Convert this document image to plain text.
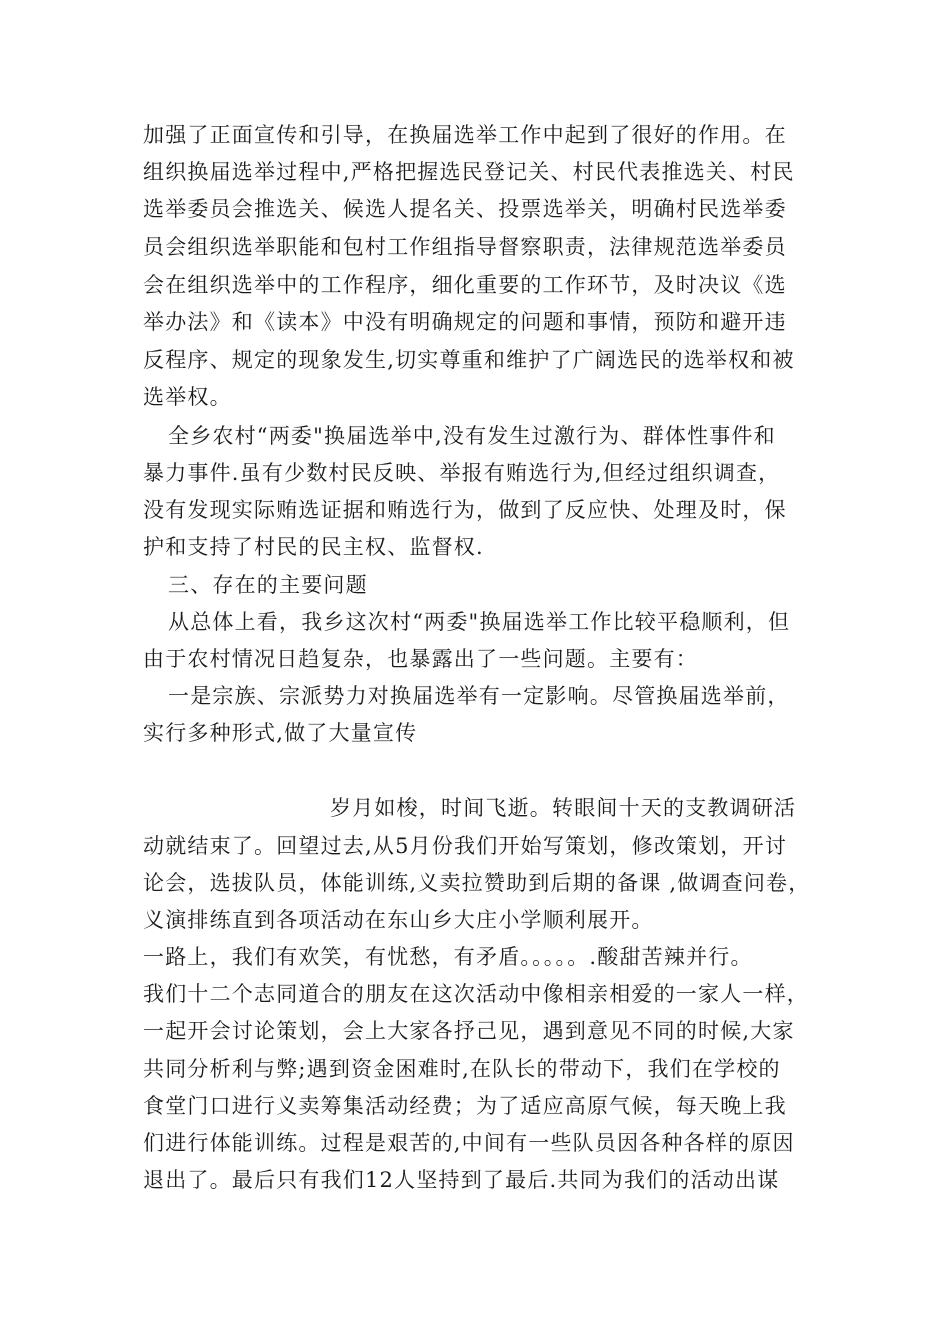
加强了正面宣传和引导，在换届选举工作中起到了很好的作用。在
组织换届选举过程中,严格把握选民登记关、村民代表推选关、村民
选举委员会推选关、候选人提名关、投票选举关，明确村民选举委
员会组织选举职能和包村工作组指导督察职责，法律规范选举委员
会在组织选举中的工作程序，细化重要的工作环节，及时决议《选
举办法》和《读本》中没有明确规定的问题和事情，预防和避开违
反程序、规定的现象发生,切实尊重和维护了广阔选民的选举权和被
选举权。
全乡农村“两委"换届选举中,没有发生过激行为、群体性事件和
暴力事件.虽有少数村民反映、举报有贿选行为,但经过组织调查，
没有发现实际贿选证据和贿选行为，做到了反应快、处理及时，保
护和支持了村民的民主权、监督权.
三、存在的主要问题
从总体上看，我乡这次村“两委"换届选举工作比较平稳顺利，但
由于农村情况日趋复杂，也暴露出了一些问题。主要有：
一是宗族、宗派势力对换届选举有一定影响。尽管换届选举前，
实行多种形式,做了大量宣传
岁月如梭，时间飞逝。转眼间十天的支教调研活
动就结束了。回望过去,从5月份我们开始写策划，修改策划，开讨
论会，选拔队员，体能训练,义卖拉赞助到后期的备课 ,做调查问卷，
义演排练直到各项活动在东山乡大庄小学顺利展开。
一路上，我们有欢笑，有忧愁，有矛盾。。。。。.酸甜苦辣并行。
我们十二个志同道合的朋友在这次活动中像相亲相爱的一家人一样，
一起开会讨论策划，会上大家各抒己见，遇到意见不同的时候,大家
共同分析利与弊;遇到资金困难时,在队长的带动下，我们在学校的
食堂门口进行义卖筹集活动经费；为了适应高原气候，每天晚上我
们进行体能训练。过程是艰苦的,中间有一些队员因各种各样的原因
退出了。最后只有我们12人坚持到了最后.共同为我们的活动出谋
